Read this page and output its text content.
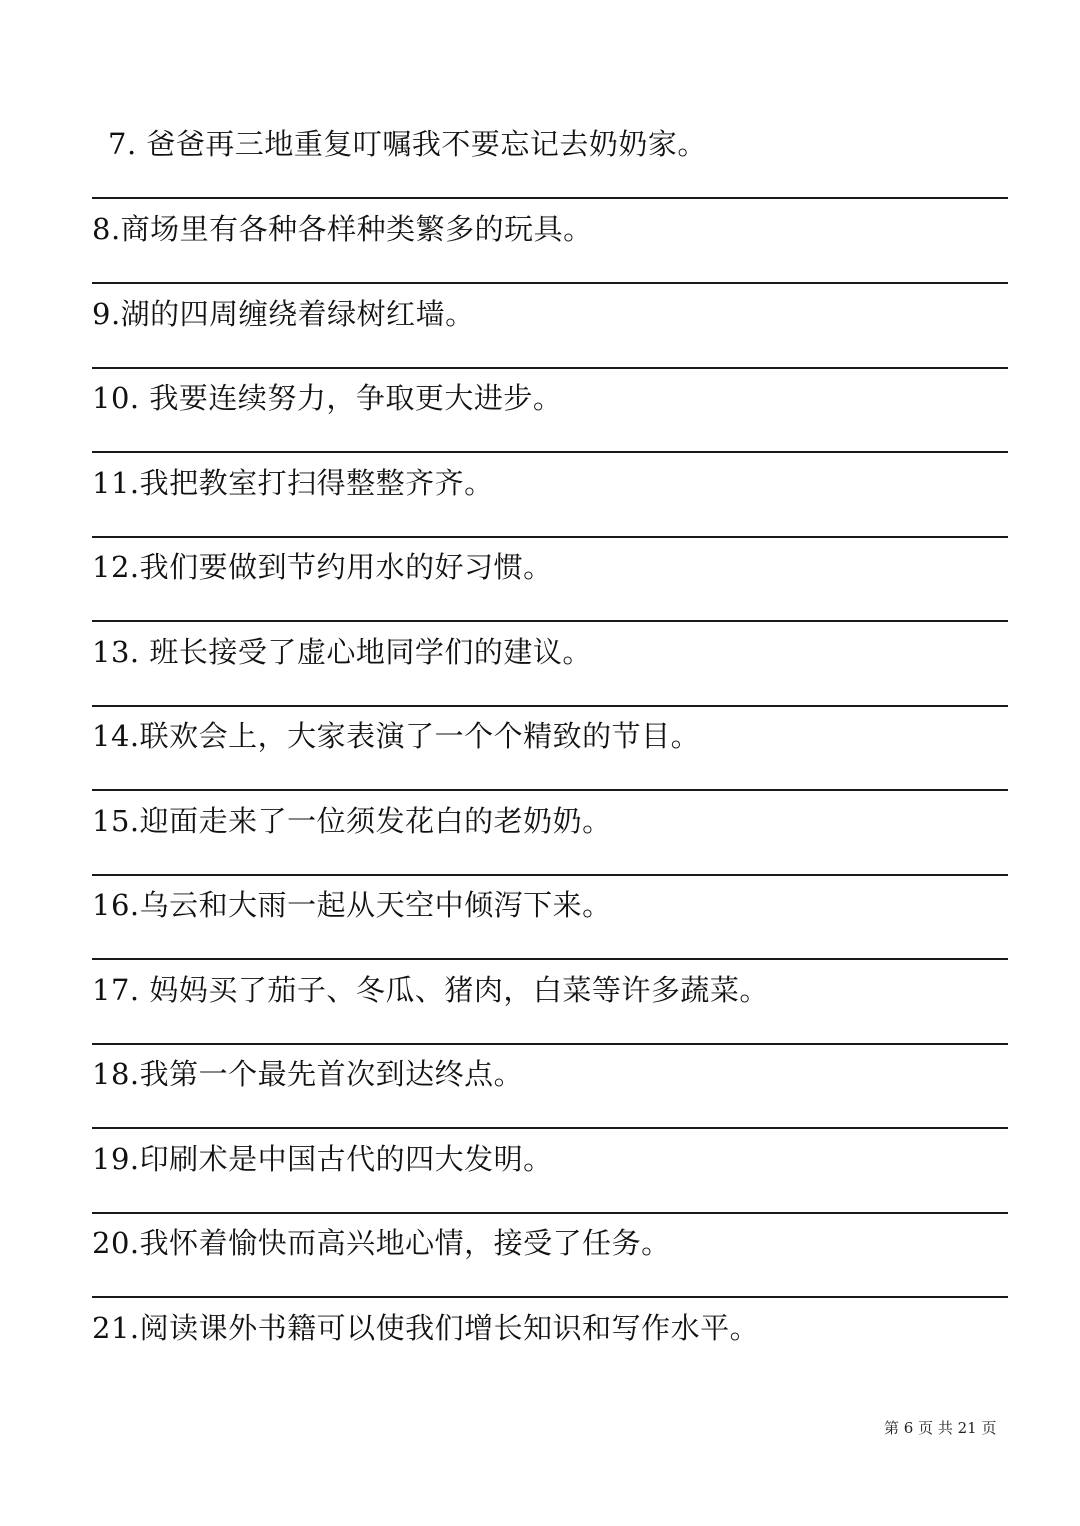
7. 爸爸再三地重复叮嘱我不要忘记去奶奶家。
8.商场里有各种各样种类繁多的玩具。
9.湖的四周缠绕着绿树红墙。
10. 我要连续努力，争取更大进步。
11.我把教室打扫得整整齐齐。
12.我们要做到节约用水的好习惯。
13. 班长接受了虚心地同学们的建议。
14.联欢会上，大家表演了一个个精致的节目。
15.迎面走来了一位须发花白的老奶奶。
16.乌云和大雨一起从天空中倾泻下来。
17. 妈妈买了茄子、冬瓜、猪肉，白菜等许多蔬菜。
18.我第一个最先首次到达终点。
19.印刷术是中国古代的四大发明。
20.我怀着愉快而高兴地心情，接受了任务。
21.阅读课外书籍可以使我们增长知识和写作水平。
第 6 页 共 21 页
